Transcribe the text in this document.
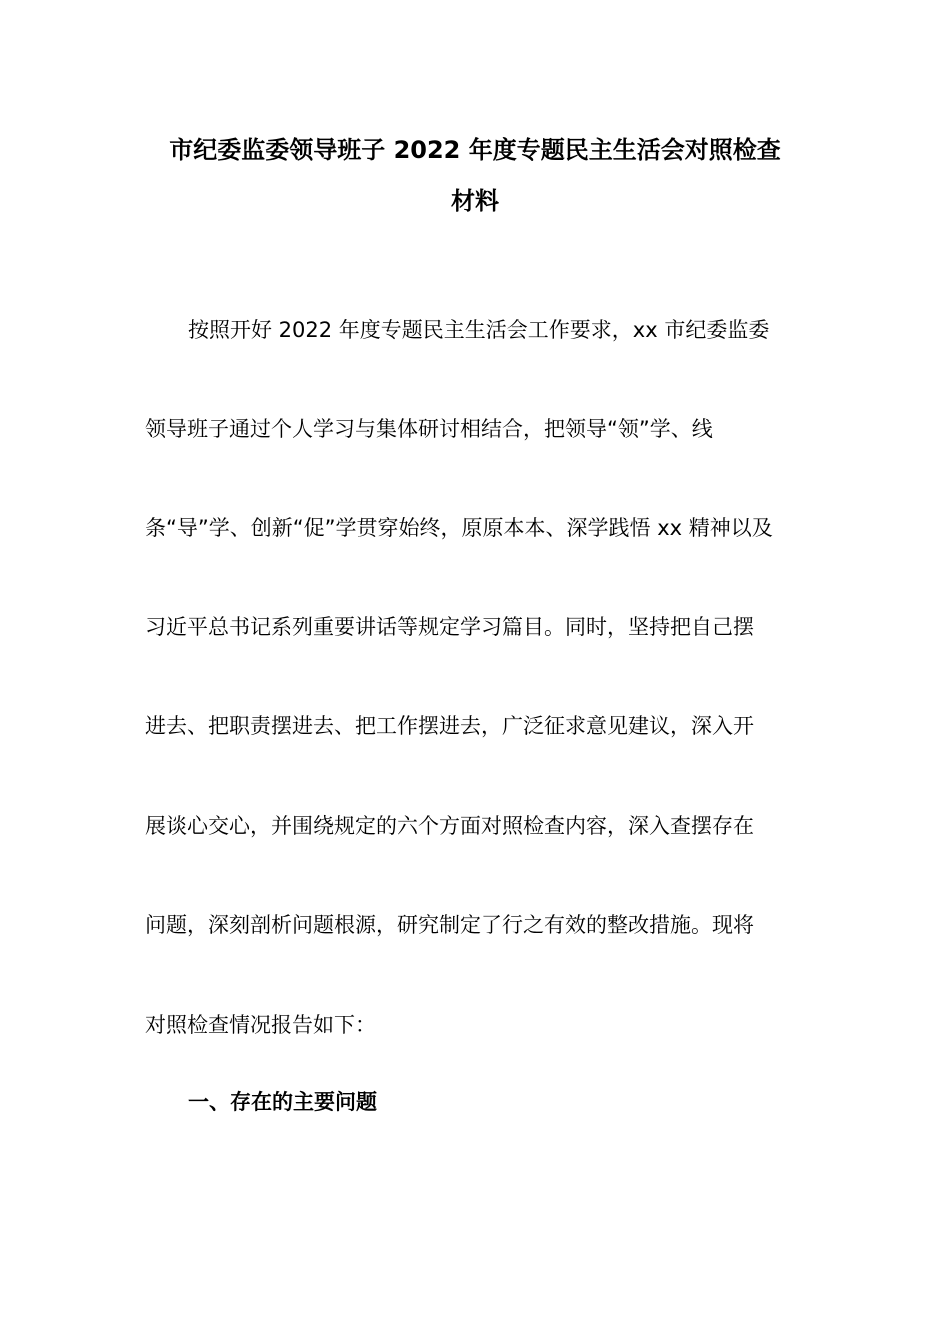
市纪委监委领导班子 2022 年度专题民主生活会对照检查
材料
按照开好 2022 年度专题民主生活会工作要求，xx 市纪委监委
领导班子通过个人学习与集体研讨相结合，把领导“领”学、线
条“导”学、创新“促”学贯穿始终，原原本本、深学践悟 xx 精神以及
习近平总书记系列重要讲话等规定学习篇目。同时，坚持把自己摆
进去、把职责摆进去、把工作摆进去，广泛征求意见建议，深入开
展谈心交心，并围绕规定的六个方面对照检查内容，深入查摆存在
问题，深刻剖析问题根源，研究制定了行之有效的整改措施。现将
对照检查情况报告如下：
一、存在的主要问题
